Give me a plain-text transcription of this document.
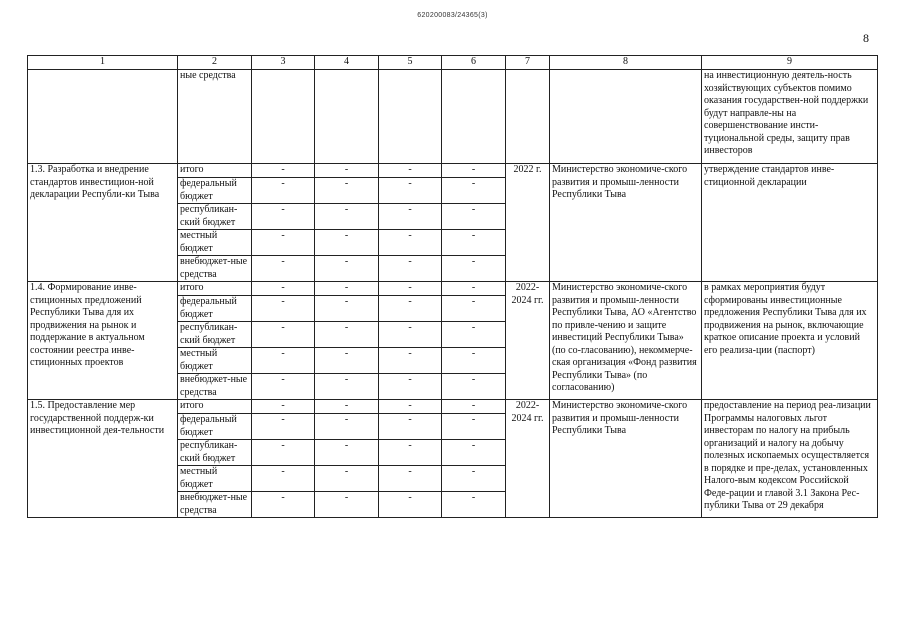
620200083/24365(3)
8
1	2	3	4	5	6	7	8	9
	ные средства							на инвестиционную деятель-ность хозяйствующих субъектов помимо оказания государствен-ной поддержки будут направле-ны на совершенствование инсти-туциональной среды, защиту прав инвесторов
1.3. Разработка и внедрение стандартов инвестицион-ной декларации Республи-ки Тыва	итого	-	-	-	-	2022 г.	Министерство экономиче-ского развития и промыш-ленности Республики Тыва	утверждение стандартов инве-стиционной декларации
	федеральный бюджет	-	-	-	-			
	республикан-ский бюджет	-	-	-	-			
	местный бюджет	-	-	-	-			
	внебюджет-ные средства	-	-	-	-			
1.4. Формирование инве-стиционных предложений Республики Тыва для их продвижения на рынок и поддержание в актуальном состоянии реестра инве-стиционных проектов	итого	-	-	-	-	2022-2024 гг.	Министерство экономиче-ского развития и промыш-ленности Республики Тыва, АО «Агентство по привле-чению и защите инвестиций Республики Тыва» (по со-гласованию), некоммерче-ская организация «Фонд развития Республики Тыва» (по согласованию)	в рамках мероприятия будут сформированы инвестиционные предложения Республики Тыва для их продвижения на рынок, включающие краткое описание проекта и условий его реализа-ции (паспорт)
	федеральный бюджет	-	-	-	-			
	республикан-ский бюджет	-	-	-	-			
	местный бюджет	-	-	-	-			
	внебюджет-ные средства	-	-	-	-			
1.5. Предоставление мер государственной поддерж-ки инвестиционной дея-тельности	итого	-	-	-	-	2022-2024 гг.	Министерство экономиче-ского развития и промыш-ленности Республики Тыва	предоставление на период реа-лизации Программы налоговых льгот инвесторам по налогу на прибыль организаций и налогу на добычу полезных ископаемых осуществляется в порядке и пре-делах, установленных Налого-вым кодексом Российской Феде-рации и главой 3.1 Закона Рес-публики Тыва от 29 декабря
	федеральный бюджет	-	-	-	-			
	республикан-ский бюджет	-	-	-	-			
	местный бюджет	-	-	-	-			
	внебюджет-ные средства	-	-	-	-			
